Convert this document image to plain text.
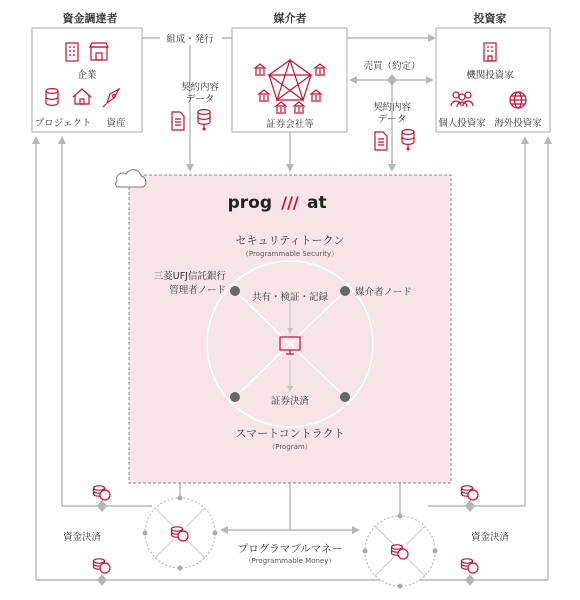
資金調達者	媒介者	投資家
企業
プロジェクト 資産	証券会社等
機関投資家
個人投資家 海外投資家
組成・発行
売買（約定）
契約内容
データ
契約内容
データ
prog /// at
セキュリティトークン
（Programmable Security）
三菱UFJ信託銀行
管理者ノード	媒介者ノード
共有・検証・記録
証券決済
スマートコントラクト
（Program）
資金決済	資金決済
プログラマブルマネー
（Programmable Money）
